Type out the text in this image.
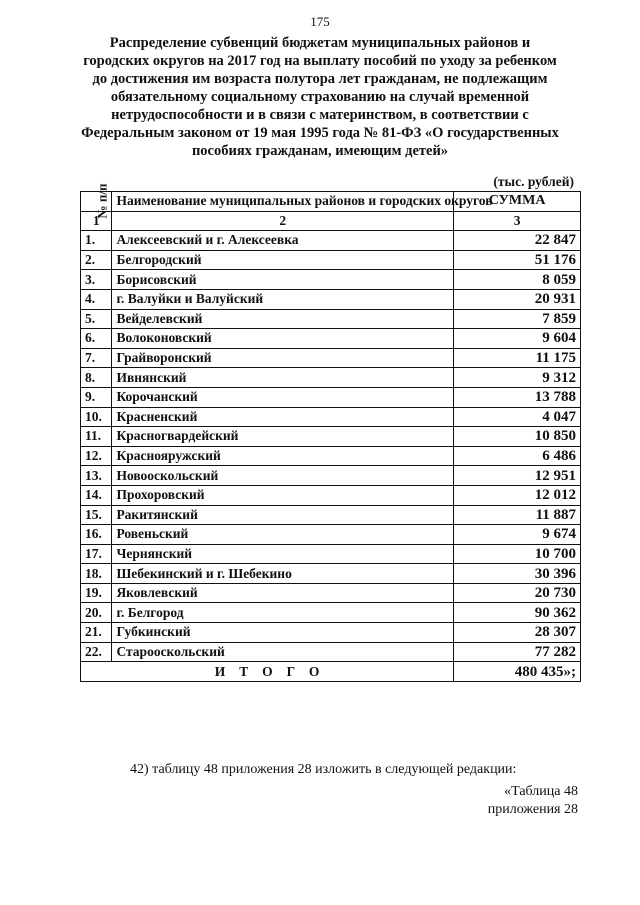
175
Распределение субвенций бюджетам муниципальных районов и
городских округов на 2017 год на выплату пособий по уходу за ребенком
до достижения им возраста полутора лет гражданам, не подлежащим
обязательному социальному страхованию на случай временной
нетрудоспособности и в связи с материнством, в соответствии с
Федеральным законом от 19 мая 1995 года № 81-ФЗ «О государственных
пособиях гражданам, имеющим детей»
(тыс. рублей)
№ п/п	Наименование муниципальных районов и городских округов	СУММА
1	2	3
1.	Алексеевский и г. Алексеевка	22 847
2.	Белгородский	51 176
3.	Борисовский	8 059
4.	г. Валуйки и Валуйский	20 931
5.	Вейделевский	7 859
6.	Волоконовский	9 604
7.	Грайворонский	11 175
8.	Ивнянский	9 312
9.	Корочанский	13 788
10.	Красненский	4 047
11.	Красногвардейский	10 850
12.	Краснояружский	6 486
13.	Новооскольский	12 951
14.	Прохоровский	12 012
15.	Ракитянский	11 887
16.	Ровеньский	9 674
17.	Чернянский	10 700
18.	Шебекинский и г. Шебекино	30 396
19.	Яковлевский	20 730
20.	г. Белгород	90 362
21.	Губкинский	28 307
22.	Старооскольский	77 282
ИТОГО		480 435»;
42) таблицу 48 приложения 28 изложить в следующей редакции:
«Таблица 48
приложения 28
